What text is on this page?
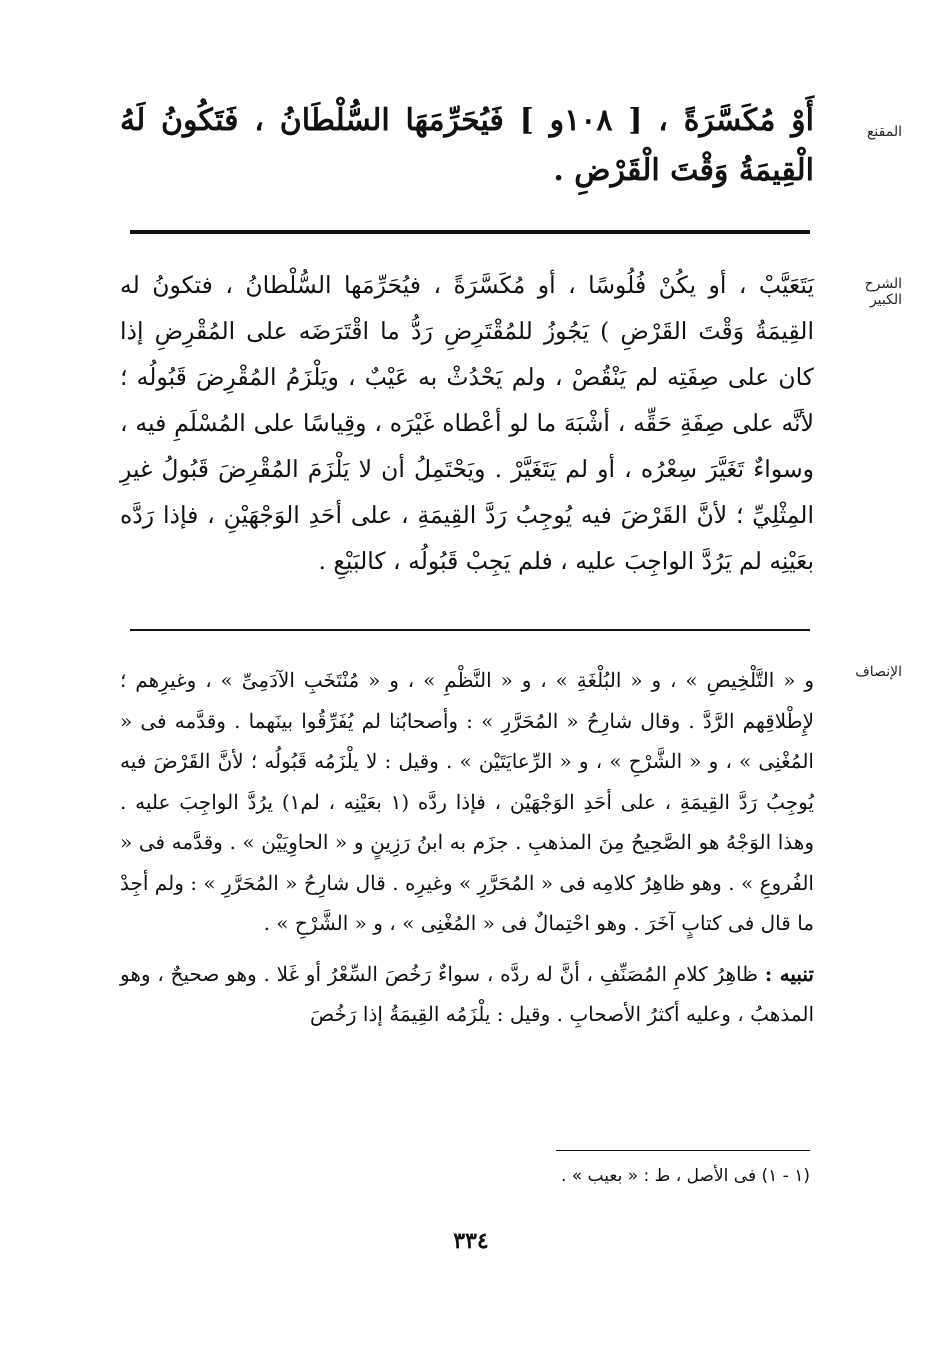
المقنع
أَوْ مُكَسَّرَةً ، [ ١٠٨و ] فَيُحَرِّمَهَا السُّلْطَانُ ، فَتَكُونُ لَهُ الْقِيمَةُ وَقْتَ الْقَرْضِ .
الشرح الكبير
يَتَعَيَّبْ ، أو يكُنْ فُلُوسًا ، أو مُكَسَّرَةً ، فيُحَرِّمَها السُّلْطانُ ، فتكونُ له القِيمَةُ وَقْتَ القَرْضِ ) يَجُوزُ للمُقْتَرِضِ رَدُّ ما اقْتَرَضَه على المُقْرِضِ إذا كان على صِفَتِه لم يَنْقُصْ ، ولم يَحْدُثْ به عَيْبٌ ، ويَلْزَمُ المُقْرِضَ قَبُولُه ؛ لأنَّه على صِفَةِ حَقِّه ، أشْبَهَ ما لو أعْطاه غَيْرَه ، وقِياسًا على المُسْلَمِ فيه ، وسواءٌ تَغَيَّرَ سِعْرُه ، أو لم يَتَغَيَّرْ . ويَحْتَمِلُ أن لا يَلْزَمَ المُقْرِضَ قَبُولُ غيرِ المِثْلِيِّ ؛ لأنَّ القَرْضَ فيه يُوجِبُ رَدَّ القِيمَةِ ، على أحَدِ الوَجْهَيْنِ ، فإذا رَدَّه بعَيْنِه لم يَرُدَّ الواجِبَ عليه ، فلم يَجِبْ قَبُولُه ، كالبَيْعِ .
الإنصاف

و « التَّلْخِيصِ » ، و « البُلْغَةِ » ، و « النَّظْمِ » ، و « مُنْتَخَبِ الآدَمِىِّ » ، وغيرِهم ؛ لإِطْلاقِهم الرَّدَّ . وقال شارِحُ « المُحَرَّرِ » : وأصحابُنا لم يُفَرِّقُوا بينَهما . وقدَّمه فى « المُغْنِى » ، و « الشَّرْحِ » ، و « الرِّعايَتَيْن » . وقيل : لا يلْزَمُه قَبُولُه ؛ لأنَّ القَرْضَ فيه يُوجِبُ رَدَّ القِيمَةِ ، على أحَدِ الوَجْهَيْن ، فإذا ردَّه (١ بعَيْنِه ، لم١) يرُدَّ الواجِبَ عليه . وهذا الوَجْهُ هو الصَّحِيحُ مِنَ المذهبِ . جزَم به ابنُ رَزِينٍ و « الحاوِيَيْن » . وقدَّمه فى « الفُروعِ » . وهو ظاهِرُ كلامِه فى « المُحَرَّرِ » وغيرِه . قال شارِحُ « المُحَرَّرِ » : ولم أجِدْ ما قال فى كتابٍ آخَرَ . وهو احْتِمالٌ فى « المُغْنِى » ، و « الشَّرْحِ » .

تنبيه : ظاهِرُ كلامِ المُصَنِّفِ ، أنَّ له ردَّه ، سواءٌ رَخُصَ السِّعْرُ أو غَلا . وهو صحيحٌ ، وهو المذهبُ ، وعليه أكثرُ الأصحابِ . وقيل : يلْزَمُه القِيمَةُ إذا رَخُصَ

(١ - ١) فى الأصل ، ط : « بعيب » .
٣٣٤
